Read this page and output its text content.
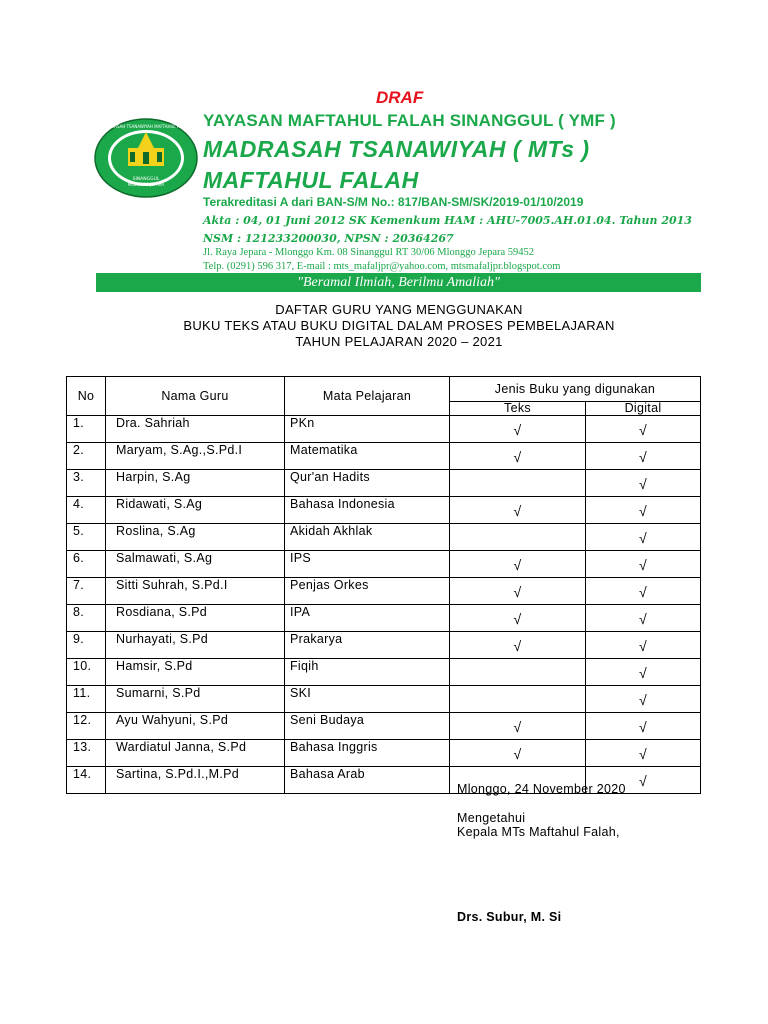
DRAF
MADRASAH TSANAWIYAH MAFTAHUL FALAH
SINANGGUL
MLONGGO JEPARA
YAYASAN MAFTAHUL FALAH SINANGGUL ( YMF )
MADRASAH TSANAWIYAH ( MTs )
MAFTAHUL FALAH
Terakreditasi A dari BAN-S/M No.: 817/BAN-SM/SK/2019-01/10/2019
Akta : 04, 01 Juni 2012 SK Kemenkum HAM : AHU-7005.AH.01.04. Tahun 2013 NSM : 121233200030, NPSN : 20364267
Jl. Raya Jepara - Mlonggo Km. 08 Sinanggul RT 30/06 Mlonggo Jepara 59452
Telp. (0291) 596 317, E-mail : mts_mafaljpr@yahoo.com, mtsmafaljpr.blogspot.com
"Beramal Ilmiah, Berilmu Amaliah"
DAFTAR GURU YANG MENGGUNAKAN
BUKU TEKS ATAU BUKU DIGITAL DALAM PROSES PEMBELAJARAN
TAHUN PELAJARAN 2020 – 2021
No	Nama Guru	Mata Pelajaran	Jenis Buku yang digunakan	
			Teks	Digital
1.	Dra. Sahriah	PKn	√	√
2.	Maryam, S.Ag.,S.Pd.I	Matematika	√	√
3.	Harpin, S.Ag	Qur'an Hadits		√
4.	Ridawati, S.Ag	Bahasa Indonesia	√	√
5.	Roslina, S.Ag	Akidah Akhlak		√
6.	Salmawati, S.Ag	IPS	√	√
7.	Sitti Suhrah, S.Pd.I	Penjas Orkes	√	√
8.	Rosdiana, S.Pd	IPA	√	√
9.	Nurhayati, S.Pd	Prakarya	√	√
10.	Hamsir, S.Pd	Fiqih		√
11.	Sumarni, S.Pd	SKI		√
12.	Ayu Wahyuni, S.Pd	Seni Budaya	√	√
13.	Wardiatul Janna, S.Pd	Bahasa Inggris	√	√
14.	Sartina, S.Pd.I.,M.Pd	Bahasa Arab		√
Mlonggo, 24 November 2020
Mengetahui
Kepala MTs Maftahul Falah,
Drs. Subur, M. Si
